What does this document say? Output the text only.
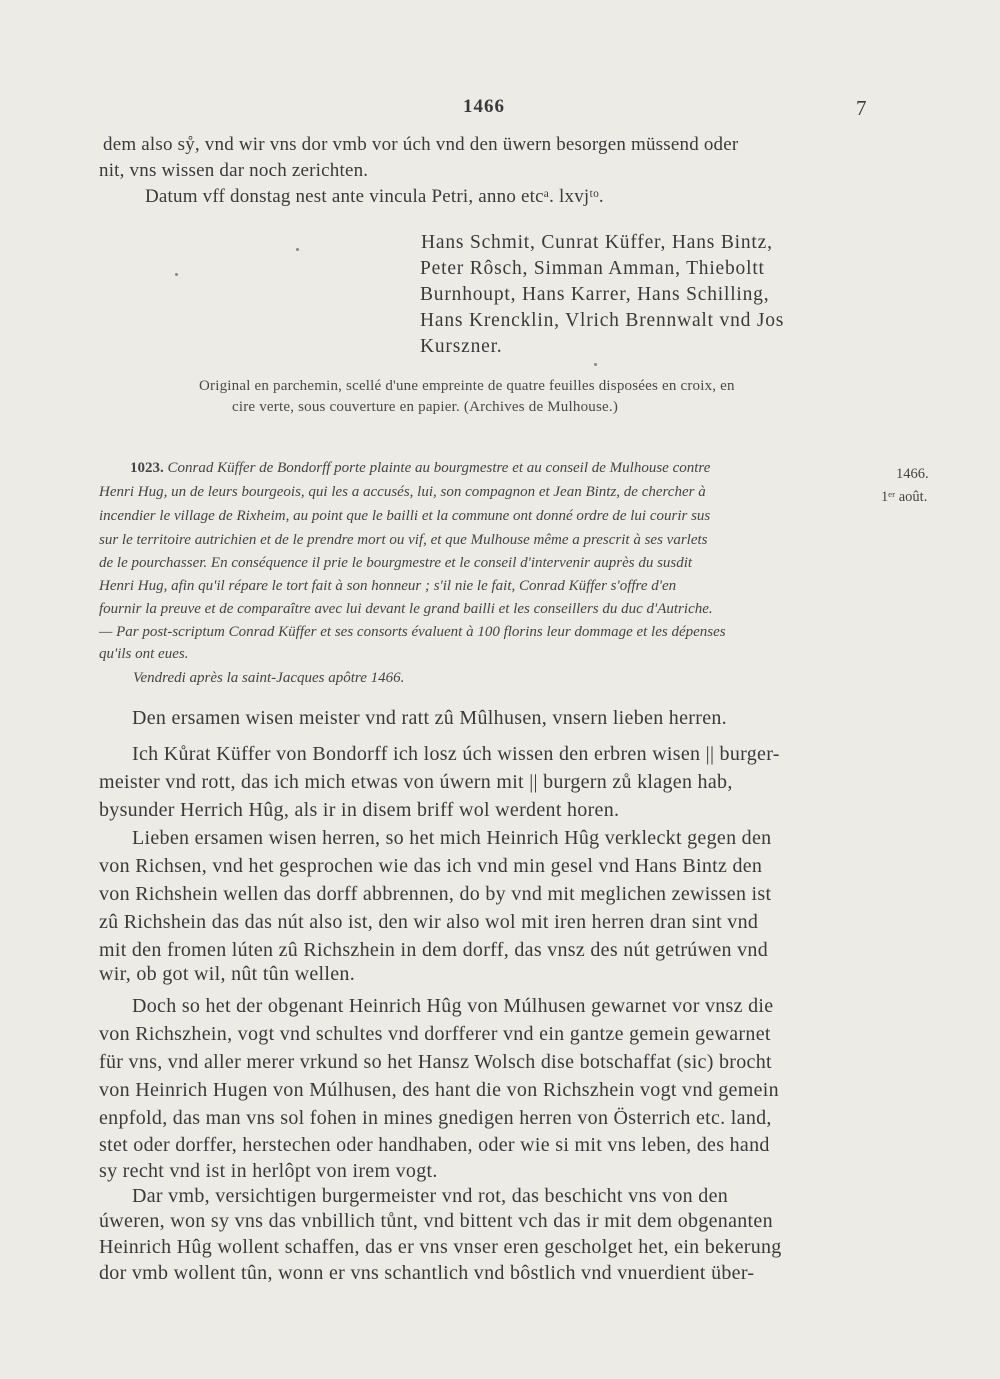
1466	7
dem also sẙ, vnd wir vns dor vmb vor úch vnd den üwern besorgen müssend oder
nit, vns wissen dar noch zerichten.
Datum vff donstag nest ante vincula Petri, anno etcᵃ. lxvjᵗᵒ.
Hans Schmit, Cunrat Küffer, Hans Bintz,
Peter Rôsch, Simman Amman, Thieboltt
Burnhoupt, Hans Karrer, Hans Schilling,
Hans Krencklin, Vlrich Brennwalt vnd Jos
Kurszner.
Original en parchemin, scellé d'une empreinte de quatre feuilles disposées en croix, en
cire verte, sous couverture en papier. (Archives de Mulhouse.)
1023. Conrad Küffer de Bondorff porte plainte au bourgmestre et au conseil de Mulhouse contre	1466.
1ᵉʳ août.
Henri Hug, un de leurs bourgeois, qui les a accusés, lui, son compagnon et Jean Bintz, de chercher à
incendier le village de Rixheim, au point que le bailli et la commune ont donné ordre de lui courir sus
sur le territoire autrichien et de le prendre mort ou vif, et que Mulhouse même a prescrit à ses varlets
de le pourchasser. En conséquence il prie le bourgmestre et le conseil d'intervenir auprès du susdit
Henri Hug, afin qu'il répare le tort fait à son honneur ; s'il nie le fait, Conrad Küffer s'offre d'en
fournir la preuve et de comparaître avec lui devant le grand bailli et les conseillers du duc d'Autriche.
— Par post-scriptum Conrad Küffer et ses consorts évaluent à 100 florins leur dommage et les dépenses
qu'ils ont eues.
Vendredi après la saint-Jacques apôtre 1466.
Den ersamen wisen meister vnd ratt zû Mûlhusen, vnsern lieben herren.
Ich Kůrat Küffer von Bondorff ich losz úch wissen den erbren wisen || burger-
meister vnd rott, das ich mich etwas von úwern mit || burgern zů klagen hab,
bysunder Herrich Hûg, als ir in disem briff wol werdent horen.
Lieben ersamen wisen herren, so het mich Heinrich Hûg verkleckt gegen den
von Richsen, vnd het gesprochen wie das ich vnd min gesel vnd Hans Bintz den
von Richshein wellen das dorff abbrennen, do by vnd mit meglichen zewissen ist
zû Richshein das das nút also ist, den wir also wol mit iren herren dran sint vnd
mit den fromen lúten zû Richszhein in dem dorff, das vnsz des nút getrúwen vnd
wir, ob got wil, nût tûn wellen.
Doch so het der obgenant Heinrich Hûg von Múlhusen gewarnet vor vnsz die
von Richszhein, vogt vnd schultes vnd dorfferer vnd ein gantze gemein gewarnet
für vns, vnd aller merer vrkund so het Hansz Wolsch dise botschaffat (sic) brocht
von Heinrich Hugen von Múlhusen, des hant die von Richszhein vogt vnd gemein
enpfold, das man vns sol fohen in mines gnedigen herren von Österrich etc. land,
stet oder dorffer, herstechen oder handhaben, oder wie si mit vns leben, des hand
sy recht vnd ist in herlôpt von irem vogt.
Dar vmb, versichtigen burgermeister vnd rot, das beschicht vns von den
úweren, won sy vns das vnbillich tůnt, vnd bittent vch das ir mit dem obgenanten
Heinrich Hûg wollent schaffen, das er vns vnser eren gescholget het, ein bekerung
dor vmb wollent tûn, wonn er vns schantlich vnd bôstlich vnd vnuerdient über-
